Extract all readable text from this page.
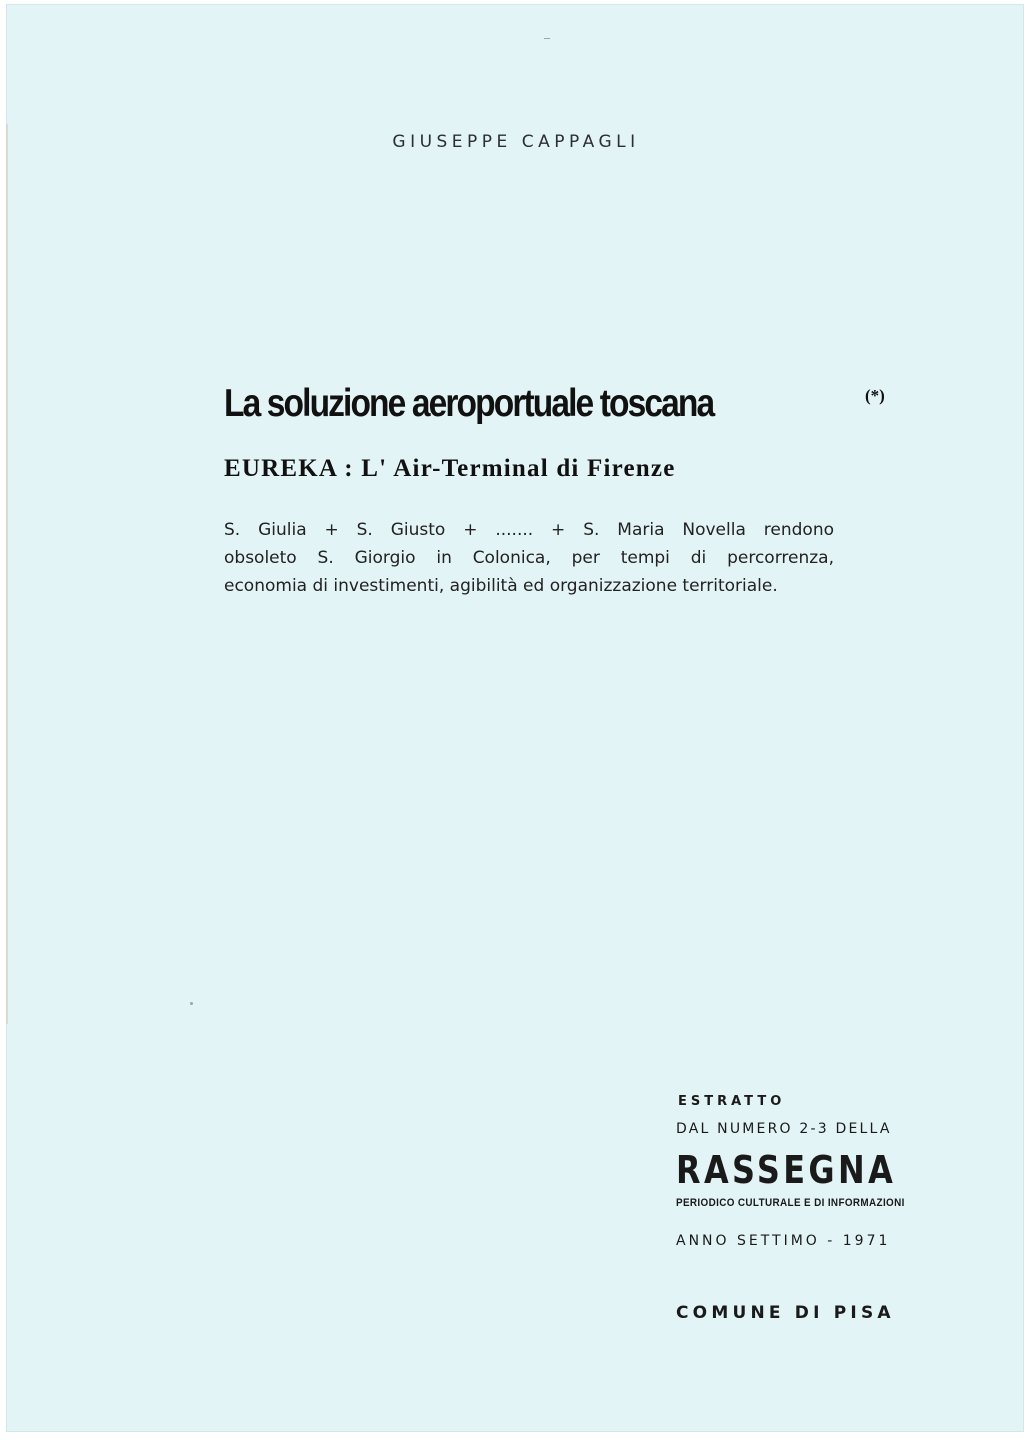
GIUSEPPE CAPPAGLI
La soluzione aeroportuale toscana	(*)
EUREKA : L' Air-Terminal di Firenze
S. Giulia + S. Giusto + ....... + S. Maria Novella rendono
obsoleto S. Giorgio in Colonica, per tempi di percorrenza,
economia di investimenti, agibilità ed organizzazione territoriale.
ESTRATTO
DAL NUMERO 2-3 DELLA
RASSEGNA
PERIODICO CULTURALE E DI INFORMAZIONI
ANNO SETTIMO - 1971
COMUNE DI PISA
